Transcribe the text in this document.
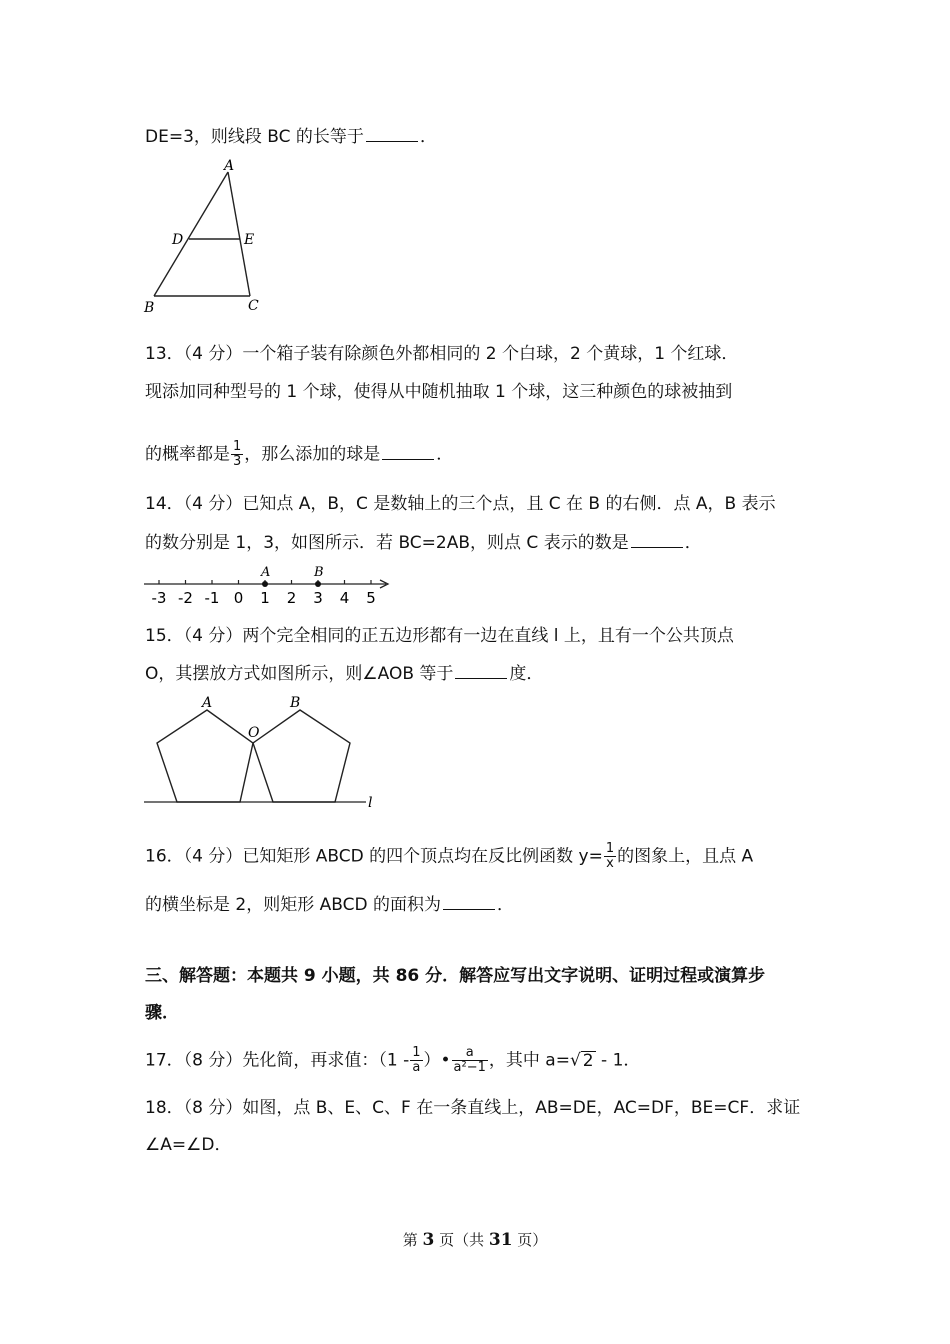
DE=3，则线段 BC 的长等于	．
A
D	E
B	C
13．（4 分）一个箱子装有除颜色外都相同的 2 个白球，2 个黄球，1 个红球．
现添加同种型号的 1 个球，使得从中随机抽取 1 个球，这三种颜色的球被抽到
的概率都是 $\frac{1}{3}$ ，那么添加的球是	．
14．（4 分）已知点 A，B，C 是数轴上的三个点，且 C 在 B 的右侧．点 A，B 表示
的数分别是 1，3，如图所示．若 BC=2AB，则点 C 表示的数是	．
-3 -2 -1 0 1 2 3 4 5
A	B
15．（4 分）两个完全相同的正五边形都有一边在直线 l 上，且有一个公共顶点
O，其摆放方式如图所示，则∠AOB 等于	度．
A
O
B
l
16．（4 分）已知矩形 ABCD 的四个顶点均在反比例函数 $y= \frac{1}{x}$ 的图象上，且点 A
的横坐标是 2，则矩形 ABCD 的面积为	．
三、解答题：本题共 9 小题，共 86 分．解答应写出文字说明、证明过程或演算步
骤．
17．（8 分）先化简，再求值：（$1 - \frac{1}{a}$ ）• $\frac{a}{\text{a²−1}}$ ，其中 a=√ 2 - 1．
18．（8 分）如图，点 B、E、C、F 在一条直线上，AB=DE，AC=DF，BE=CF．求证
∠A=∠D．
第 3 页（共 31 页）
